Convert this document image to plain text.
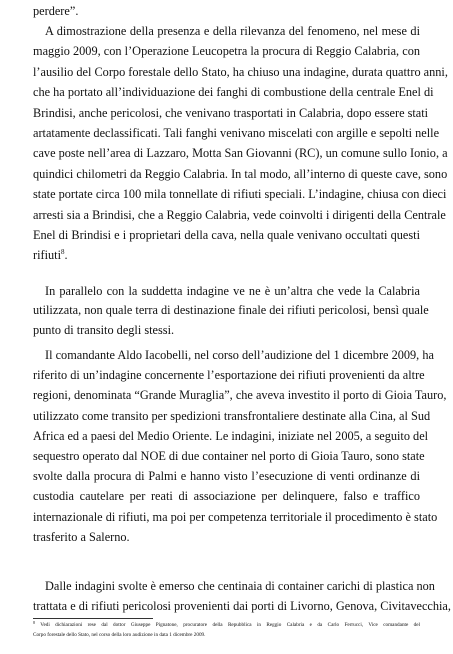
perdere”.
A dimostrazione della presenza e della rilevanza del fenomeno, nel mese di
maggio 2009, con l’Operazione Leucopetra la procura di Reggio Calabria, con
l’ausilio del Corpo forestale dello Stato, ha chiuso una indagine, durata quattro anni,
che ha portato all’individuazione dei fanghi di combustione della centrale Enel di
Brindisi, anche pericolosi, che venivano trasportati in Calabria, dopo essere stati
artatamente declassificati. Tali fanghi venivano miscelati con argille e sepolti nelle
cave poste nell’area di Lazzaro, Motta San Giovanni (RC), un comune sullo Ionio, a
quindici chilometri da Reggio Calabria. In tal modo, all’interno di queste cave, sono
state portate circa 100 mila tonnellate di rifiuti speciali. L’indagine, chiusa con dieci
arresti sia a Brindisi, che a Reggio Calabria, vede coinvolti i dirigenti della Centrale
Enel di Brindisi e i proprietari della cava, nella quale venivano occultati questi
rifiuti$^8$.
In parallelo con la suddetta indagine ve ne è un’altra che vede la Calabria
utilizzata, non quale terra di destinazione finale dei rifiuti pericolosi, bensì quale
punto di transito degli stessi.
Il comandante Aldo Iacobelli, nel corso dell’audizione del 1 dicembre 2009, ha
riferito di un’indagine concernente l’esportazione dei rifiuti provenienti da altre
regioni, denominata “Grande Muraglia”, che aveva investito il porto di Gioia Tauro,
utilizzato come transito per spedizioni transfrontaliere destinate alla Cina, al Sud
Africa ed a paesi del Medio Oriente. Le indagini, iniziate nel 2005, a seguito del
sequestro operato dal NOE di due container nel porto di Gioia Tauro, sono state
svolte dalla procura di Palmi e hanno visto l’esecuzione di venti ordinanze di
custodia cautelare per reati di associazione per delinquere, falso e traffico
internazionale di rifiuti, ma poi per competenza territoriale il procedimento è stato
trasferito a Salerno.
Dalle indagini svolte è emerso che centinaia di container carichi di plastica non
trattata e di rifiuti pericolosi provenienti dai porti di Livorno, Genova, Civitavecchia,
$^8$ Vedi dichiarazioni rese dal dottor Giuseppe Pignatone, procuratore della Repubblica in Reggio Calabria e da Carlo Ferrucci, Vice comandante del
Corpo forestale dello Stato, nel corso della loro audizione in data 1 dicembre 2009.
